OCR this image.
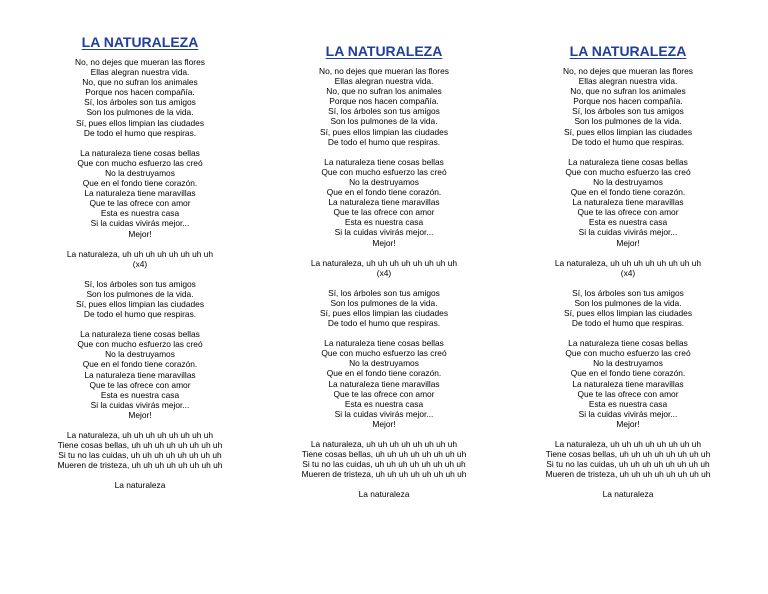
LA NATURALEZA
No, no dejes que mueran las flores
Ellas alegran nuestra vida.
No, que no sufran los animales
Porque nos hacen compañía.
Sí, los árboles son tus amigos
Son los pulmones de la vida.
Sí, pues ellos limpian las ciudades
De todo el humo que respiras.
La naturaleza tiene cosas bellas
Que con mucho esfuerzo las creó
No la destruyamos
Que en el fondo tiene corazón.
La naturaleza tiene maravillas
Que te las ofrece con amor
Esta es nuestra casa
Si la cuidas vivirás mejor...
Mejor!
La naturaleza, uh uh uh uh uh uh uh uh
(x4)
Sí, los árboles son tus amigos
Son los pulmones de la vida.
Sí, pues ellos limpian las ciudades
De todo el humo que respiras.
La naturaleza tiene cosas bellas
Que con mucho esfuerzo las creó
No la destruyamos
Que en el fondo tiene corazón.
La naturaleza tiene maravillas
Que te las ofrece con amor
Esta es nuestra casa
Si la cuidas vivirás mejor...
Mejor!
La naturaleza, uh uh uh uh uh uh uh uh
Tiene cosas bellas, uh uh uh uh uh uh uh uh
Si tu no las cuidas, uh uh uh uh uh uh uh uh
Mueren de tristeza, uh uh uh uh uh uh uh uh
La naturaleza
LA NATURALEZA
No, no dejes que mueran las flores
Ellas alegran nuestra vida.
No, que no sufran los animales
Porque nos hacen compañía.
Sí, los árboles son tus amigos
Son los pulmones de la vida.
Sí, pues ellos limpian las ciudades
De todo el humo que respiras.
La naturaleza tiene cosas bellas
Que con mucho esfuerzo las creó
No la destruyamos
Que en el fondo tiene corazón.
La naturaleza tiene maravillas
Que te las ofrece con amor
Esta es nuestra casa
Si la cuidas vivirás mejor...
Mejor!
La naturaleza, uh uh uh uh uh uh uh uh
(x4)
Sí, los árboles son tus amigos
Son los pulmones de la vida.
Sí, pues ellos limpian las ciudades
De todo el humo que respiras.
La naturaleza tiene cosas bellas
Que con mucho esfuerzo las creó
No la destruyamos
Que en el fondo tiene corazón.
La naturaleza tiene maravillas
Que te las ofrece con amor
Esta es nuestra casa
Si la cuidas vivirás mejor...
Mejor!
La naturaleza, uh uh uh uh uh uh uh uh
Tiene cosas bellas, uh uh uh uh uh uh uh uh
Si tu no las cuidas, uh uh uh uh uh uh uh uh
Mueren de tristeza, uh uh uh uh uh uh uh uh
La naturaleza
LA NATURALEZA
No, no dejes que mueran las flores
Ellas alegran nuestra vida.
No, que no sufran los animales
Porque nos hacen compañía.
Sí, los árboles son tus amigos
Son los pulmones de la vida.
Sí, pues ellos limpian las ciudades
De todo el humo que respiras.
La naturaleza tiene cosas bellas
Que con mucho esfuerzo las creó
No la destruyamos
Que en el fondo tiene corazón.
La naturaleza tiene maravillas
Que te las ofrece con amor
Esta es nuestra casa
Si la cuidas vivirás mejor...
Mejor!
La naturaleza, uh uh uh uh uh uh uh uh
(x4)
Sí, los árboles son tus amigos
Son los pulmones de la vida.
Sí, pues ellos limpian las ciudades
De todo el humo que respiras.
La naturaleza tiene cosas bellas
Que con mucho esfuerzo las creó
No la destruyamos
Que en el fondo tiene corazón.
La naturaleza tiene maravillas
Que te las ofrece con amor
Esta es nuestra casa
Si la cuidas vivirás mejor...
Mejor!
La naturaleza, uh uh uh uh uh uh uh uh
Tiene cosas bellas, uh uh uh uh uh uh uh uh
Si tu no las cuidas, uh uh uh uh uh uh uh uh
Mueren de tristeza, uh uh uh uh uh uh uh uh
La naturaleza
